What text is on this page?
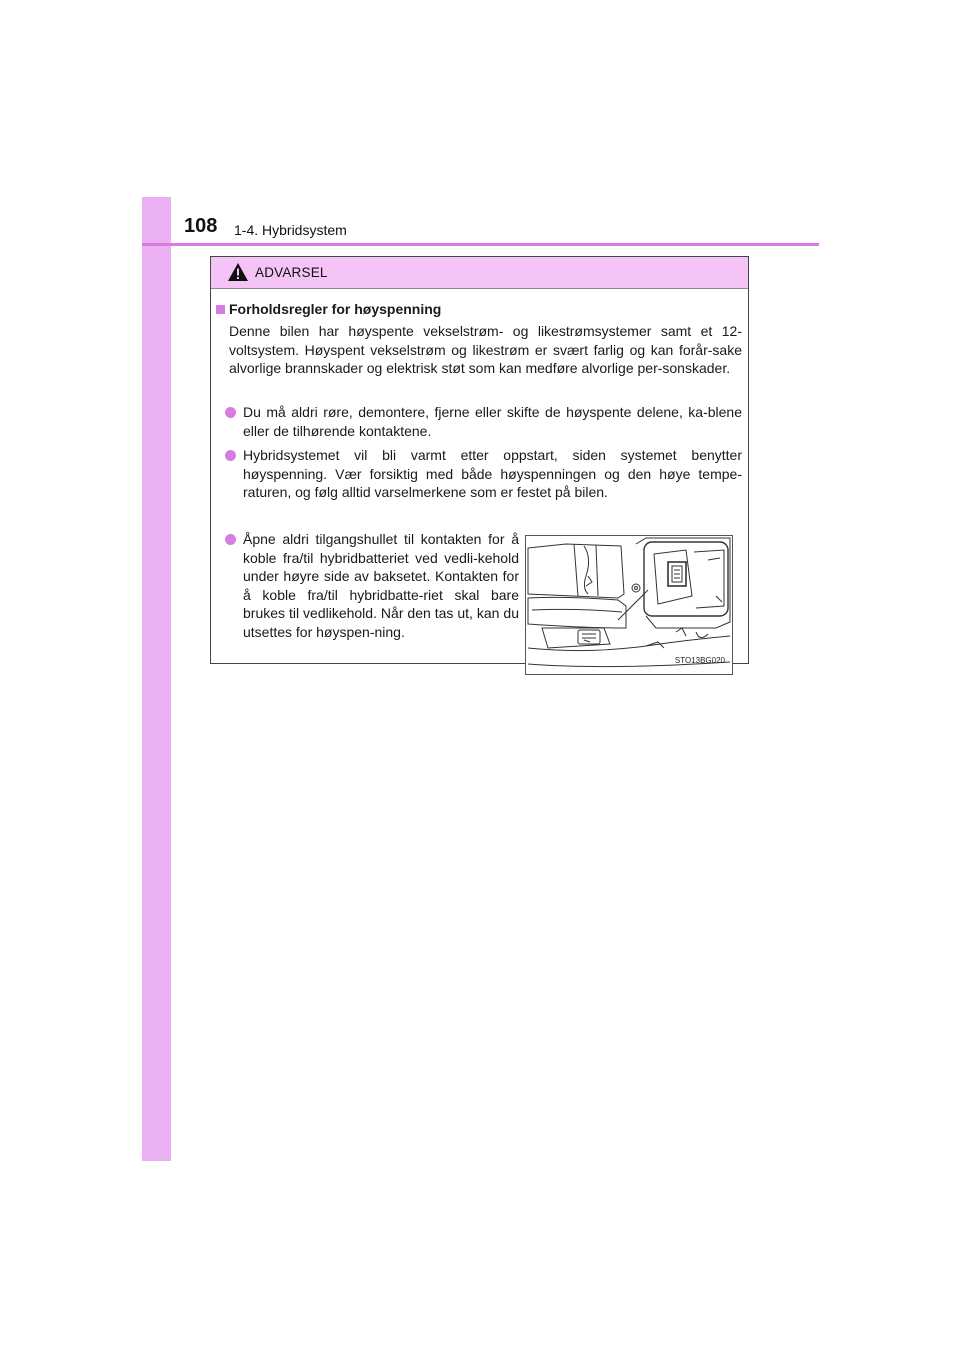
108 1-4. Hybridsystem
ADVARSEL
Forholdsregler for høyspenning
Denne bilen har høyspente vekselstrøm- og likestrømsystemer samt et 12-voltsystem. Høyspent vekselstrøm og likestrøm er svært farlig og kan forår-sake alvorlige brannskader og elektrisk støt som kan medføre alvorlige per-sonskader.
Du må aldri røre, demontere, fjerne eller skifte de høyspente delene, ka-blene eller de tilhørende kontaktene.
Hybridsystemet vil bli varmt etter oppstart, siden systemet benytter høyspenning. Vær forsiktig med både høyspenningen og den høye tempe-raturen, og følg alltid varselmerkene som er festet på bilen.
Åpne aldri tilgangshullet til kontakten for å koble fra/til hybridbatteriet ved vedli-kehold under høyre side av baksetet. Kontakten for å koble fra/til hybridbatte-riet skal bare brukes til vedlikehold. Når den tas ut, kan du utsettes for høyspen-ning.
STO13BG020
